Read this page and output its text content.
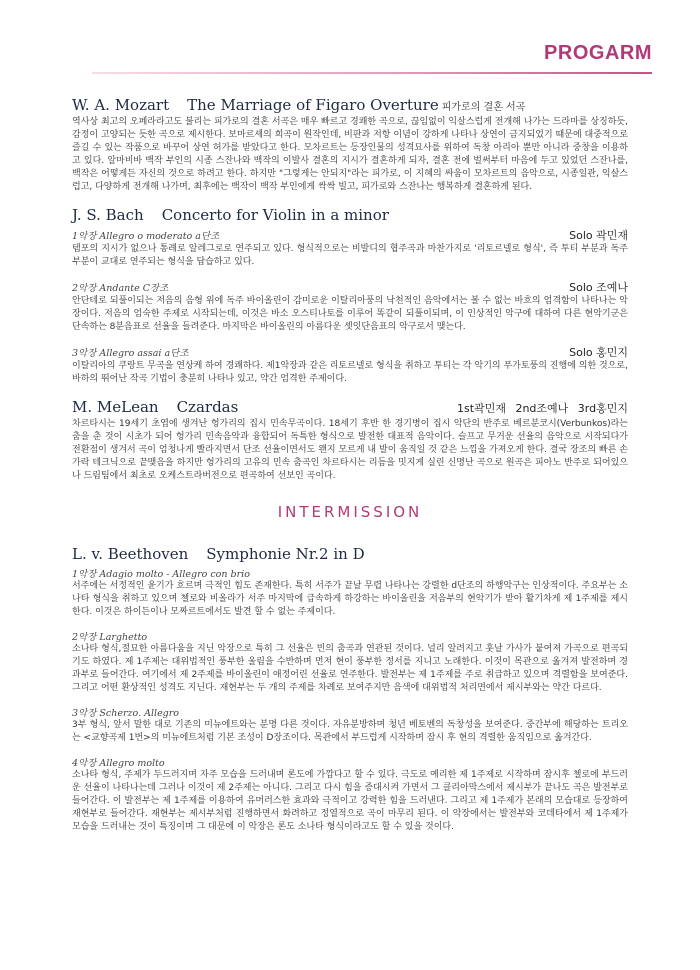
PROGARM
W. A. Mozart The Marriage of Figaro Overture 피가로의 결혼 서곡

역사상 최고의 오페라라고도 불리는 피가로의 결혼 서곡은 매우 빠르고 경쾌한 곡으로, 끊임없이 익살스럽게 전개해 나가는 드라마를 상징하듯, 감정이 고양되는 듯한 곡으로 제시한다. 보마르셰의 희곡이 원작인데, 비판과 저항 이념이 강하게 나타나 상연이 금지되었기 때문에 대중적으로 즐길 수 있는 작품으로 바꾸어 상연 허가를 받았다고 한다. 모차르트는 등장인물의 성격묘사를 위하여 독창 아리아 뿐만 아니라 중창을 이용하고 있다. 알마비바 백작 부인의 시종 스잔나와 백작의 이발사 결혼의 지시가 결혼하게 되자, 결혼 전에 벌써부터 마음에 두고 있었던 스잔나를, 백작은 어떻게든 자신의 것으로 하려고 한다. 하지만 "그렇게는 안되지"라는 피가로, 이 지혜의 싸움이 모차르트의 음악으로, 시종일관, 익살스럽고, 다양하게 전개해 나가며, 최후에는 백작이 백작 부인에게 싹싹 빌고, 피가로와 스잔나는 행복하게 결혼하게 된다.

J. S. Bach Concerto for Violin in a minor
1악장 Allegro o moderato a단조	Solo 곽민재

템포의 지시가 없으나 통례로 알레그로로 연주되고 있다. 형식적으로는 비발디의 협주곡과 마찬가지로 '리토르넬로 형식', 즉 투티 부분과 독주 부분이 교대로 연주되는 형식을 답습하고 있다.

2악장 Andante C장조	Solo 조예나

안단테로 되풀이되는 저음의 음형 위에 독주 바이올린이 감미로운 이탈리아풍의 낙천적인 음악에서는 볼 수 없는 바흐의 엄격함이 나타나는 악장이다. 저음의 엄숙한 주제로 시작되는데, 이것은 바소 오스티나토를 이루어 똑같이 되풀이되며, 이 인상적인 악구에 대하여 다른 현악기군은 단속하는 8분음표로 선율을 들려준다. 마지막은 바이올린의 아름다운 셋잇단음표의 악구로서 맺는다.

3악장 Allegro assai a단조	Solo 홍민지

이탈리아의 쿠랑트 무곡을 연상케 하여 경쾌하다. 제1악장과 같은 리토르넬로 형식을 취하고 투티는 각 악기의 푸가토풍의 진행에 의한 것으로, 바하의 뛰어난 작곡 기법이 충분히 나타나 있고, 약간 엄격한 주제이다.

M. MeLean Czardas	1st곽민재 2nd조예나 3rd홍민지

차르타시는 19세기 초엽에 생겨난 헝가리의 집시 민속무곡이다. 18세기 후반 한 경기병이 집시 악단의 반주로 베르분코시(Verbunkos)라는 춤을 춘 것이 시초가 되어 헝가리 민속음악과 융합되어 독특한 형식으로 발전한 대표적 음악이다. 슬프고 무거운 선율의 음악으로 시작되다가 전환점이 생겨서 곡이 엄청나게 빨라지면서 단조 선율이면서도 왠지 모르게 내 발이 움직일 것 같은 느낌을 가져오게 한다. 결국 장조의 빠른 손가락 테크닉으로 끝맺음을 하지만 헝가리의 고유의 민속 춤곡인 차르타시는 리듬을 밋지게 실린 신명난 곡으로 원곡은 피아노 반주로 되어있으나 드림팀에서 최초로 오케스트라버전으로 편곡하여 선보인 곡이다.

INTERMISSION

L. v. Beethoven Symphonie Nr.2 in D
1악장 Adagio molto - Allegro con brio

서주에는 서정적인 윤기가 흐르며 극적인 힘도 존재한다. 특히 서주가 끝날 무렵 나타나는 강렬한 d단조의 하행악구는 인상적이다. 주요부는 소나타 형식을 취하고 있으며 첼로와 비올라가 서주 마지막에 급속하게 하강하는 바이올린을 저음부의 현악기가 받아 활기차게 제 1주제를 제시한다. 이것은 하이든이나 모짜르트에서도 발견 할 수 없는 주제이다.

2악장 Larghetto

소나타 형식,절묘한 아름다움을 지닌 악장으로 특히 그 선율은 빈의 춤곡과 연관된 것이다. 널리 알려지고 훗날 가사가 붙여져 가곡으로 편곡되기도 하였다. 제 1주제는 대위법적인 풍부한 울림을 수반하며 먼저 현이 풍부한 정서를 지니고 노래한다. 이것이 목관으로 옮겨져 발전하며 경과부로 들어간다. 여기에서 제 2주제를 바이올린이 애정어린 선율로 연주한다. 발전부는 제 1주제를 주로 취급하고 있으며 격렬함을 보여준다. 그리고 어떤 환상적인 성격도 지닌다. 재현부는 두 개의 주제를 차례로 보여주지만 음색에 대위법적 처리면에서 제시부와는 약간 다르다.

3악장 Scherzo. Allegro

3부 형식, 앞서 말한 대로 기존의 미뉴에트와는 분명 다른 것이다. 자유분방하며 청년 베토벤의 독창성을 보여준다. 중간부에 해당하는 트리오는 <교향곡제 1번>의 미뉴에트처럼 기본 조성이 D장조이다. 목관에서 부드럽게 시작하며 잠시 후 현의 격렬한 움직임으로 옮겨간다.

4악장 Allegro molto

소나타 형식, 주제가 두드러지며 자주 모습을 드러내며 론도에 가깝다고 할 수 있다. 극도로 예리한 제 1주제로 시작하며 잠시후 첼로에 부드러운 선율이 나타나는데 그러나 이것이 제 2주제는 아니다. 그리고 다시 힘을 증대시켜 가면서 그 클리아막스에서 제시부가 끝나도 곡은 발전부로 들어간다. 이 발전부는 제 1주제를 이용하여 유머러스한 효과와 극적이고 강력한 힘을 드러낸다. 그리고 제 1주제가 본래의 모습대로 등장하여 재현부로 들어간다. 재현부는 제시부처럼 진행하면서 화려하고 정열적으로 곡이 마무리 된다. 이 악장에서는 발전부와 코데타에서 제 1주제가 모습을 드러내는 것이 특징이며 그 대문에 이 악장은 론도 소나타 형식이라고도 할 수 있을 것이다.
